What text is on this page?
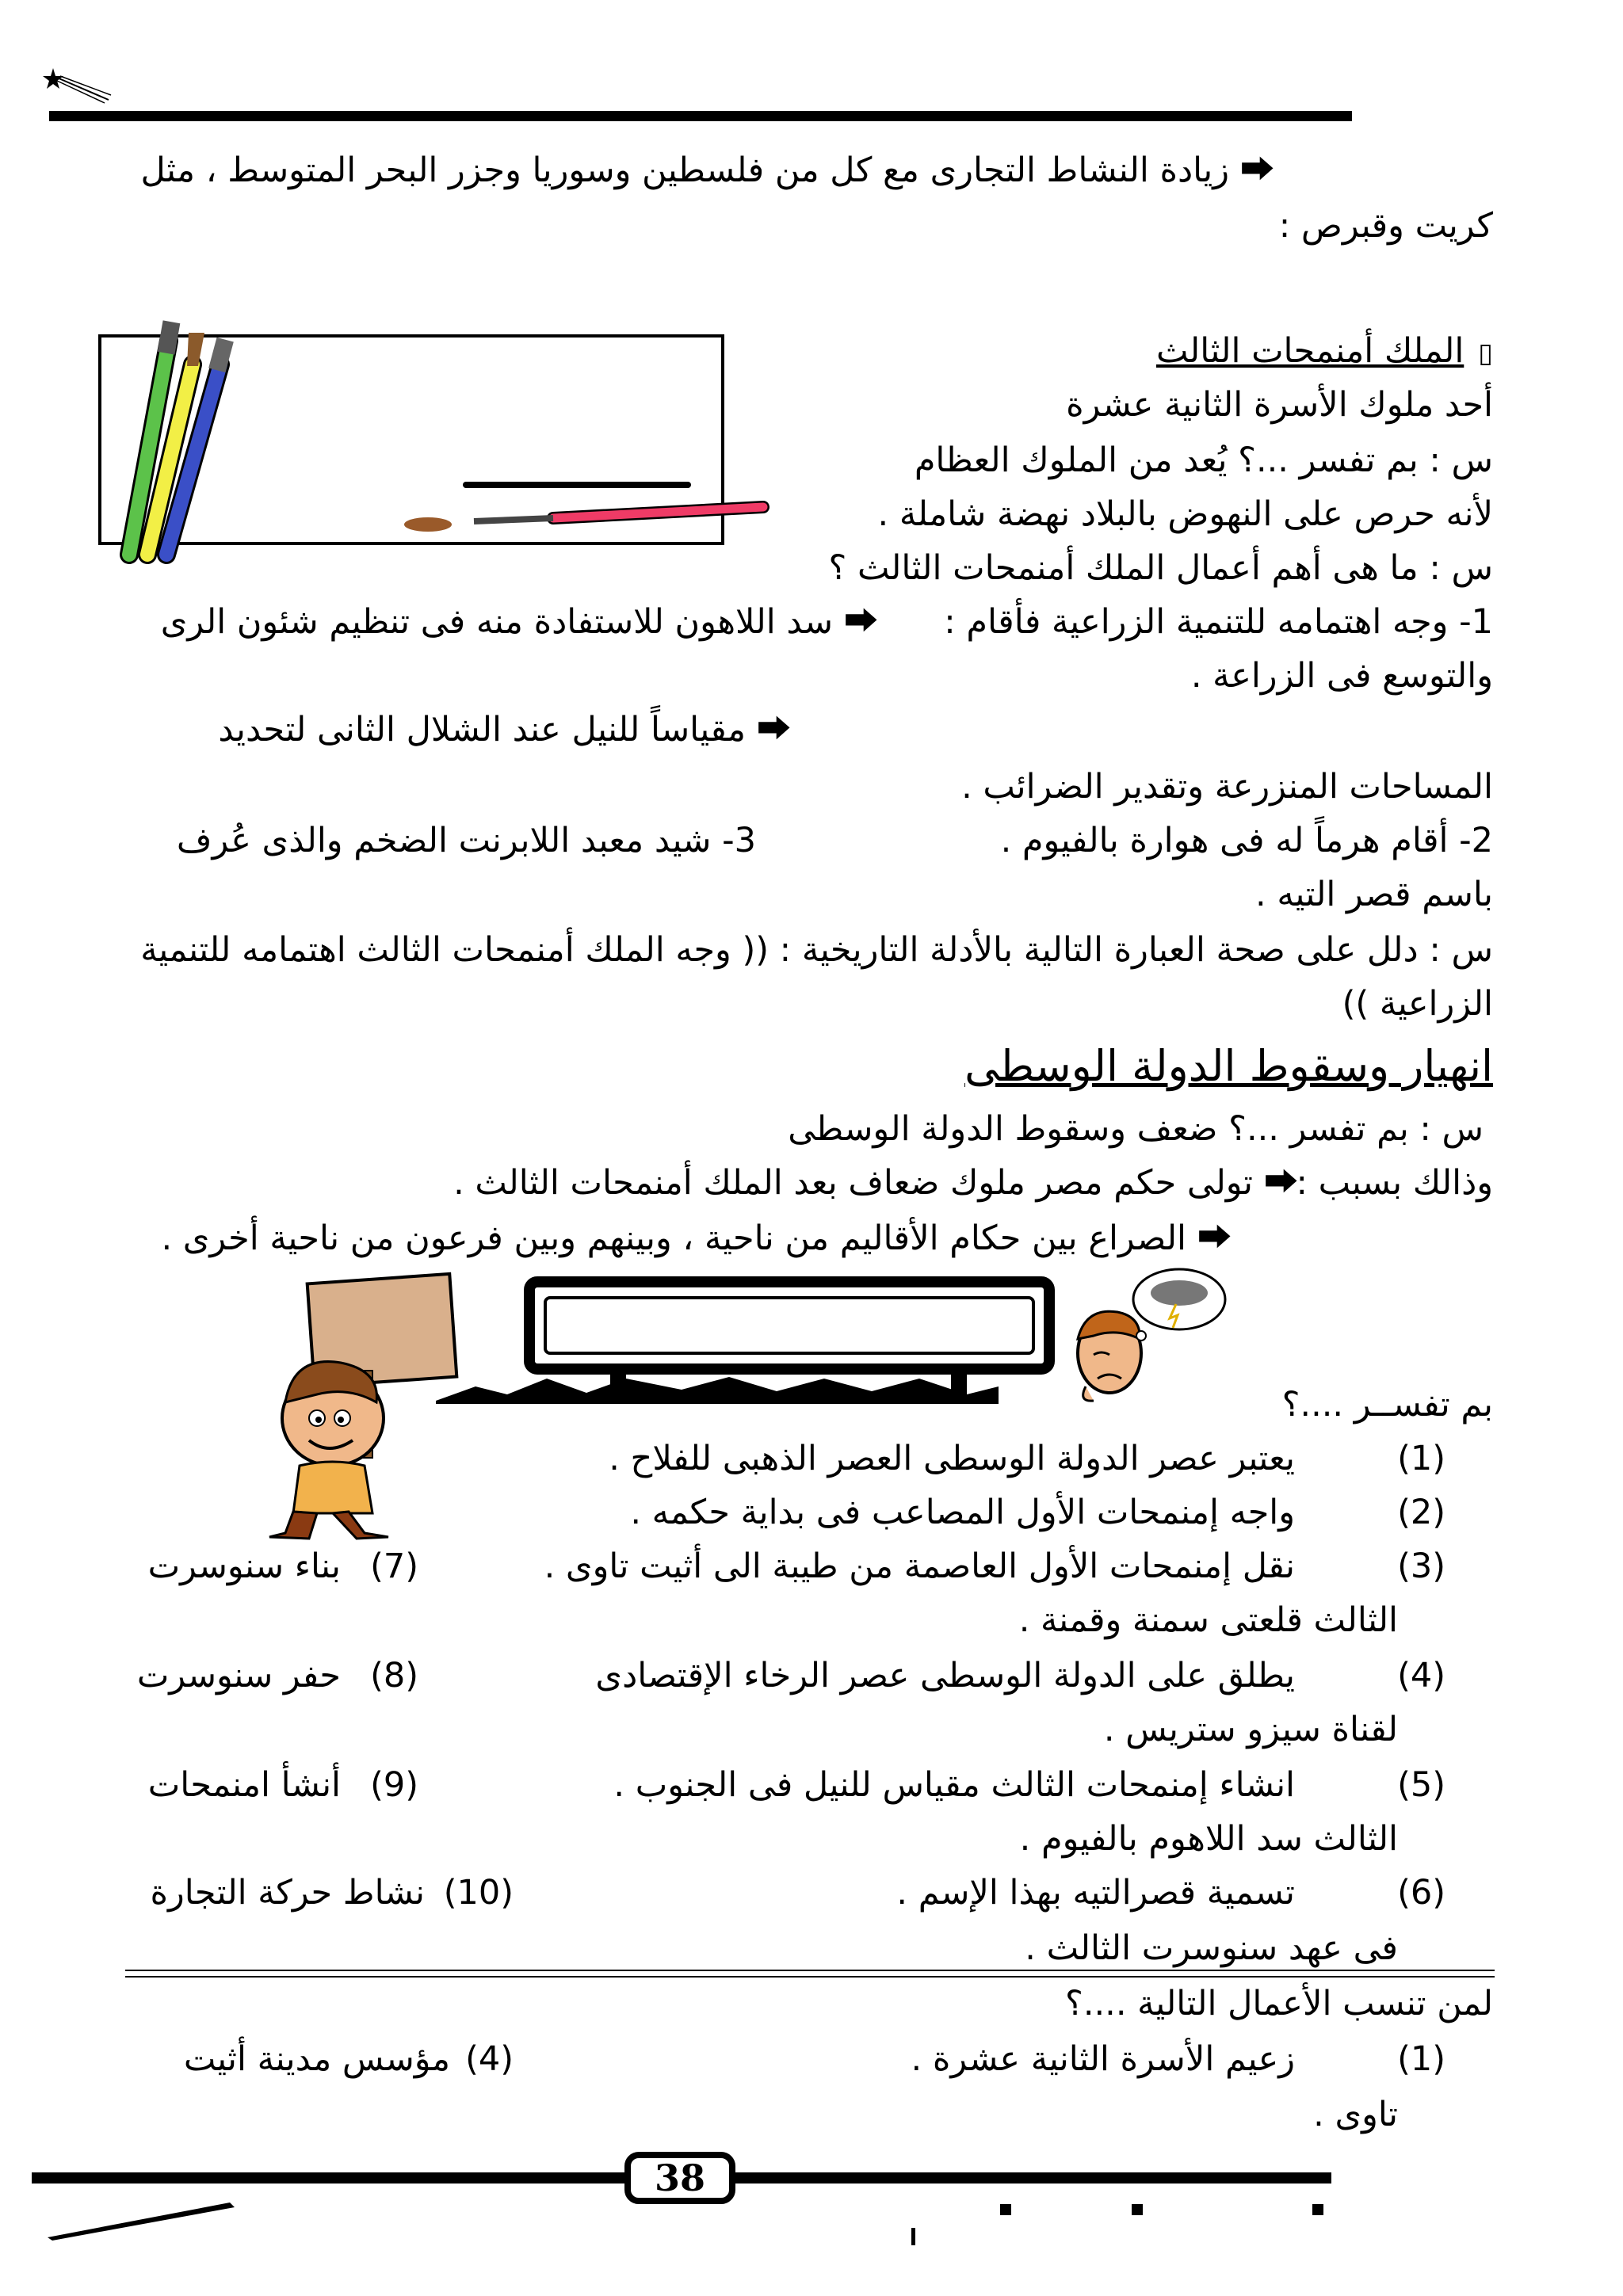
⮕زيادة النشاط التجارى مع كل من فلسطين وسوريا وجزر البحر المتوسط ، مثل
كريت وقبرص :
▯الملك أمنمحات الثالث
أحد ملوك الأسرة الثانية عشرة
س : بم تفسر ...؟ يُعد من الملوك العظام
لأنه حرص على النهوض بالبلاد نهضة شاملة .
س : ما هى أهم أعمال الملك أمنمحات الثالث ؟
1- وجه اهتمامه للتنمية الزراعية فأقام :
⮕سد اللاهون للاستفادة منه فى تنظيم شئون الرى
والتوسع فى الزراعة .
⮕مقياساً للنيل عند الشلال الثانى لتحديد
المساحات المنزرعة وتقدير الضرائب .
2- أقام هرماً له فى هوارة بالفيوم .
3- شيد معبد اللابرنت الضخم والذى عُرف
باسم قصر التيه .
س : دلل على صحة العبارة التالية بالأدلة التاريخية : (( وجه الملك أمنمحات الثالث اهتمامه للتنمية
الزراعية ))
انهيار وسقوط الدولة الوسطى
س : بم تفسر ...؟ ضعف وسقوط الدولة الوسطى
وذالك بسبب :
⮕تولى حكم مصر ملوك ضعاف بعد الملك أمنمحات الثالث .
⮕الصراع بين حكام الأقاليم من ناحية ، وبينهم وبين فرعون من ناحية أخرى .
بم تفســر ....؟
(1)
يعتبر عصر الدولة الوسطى العصر الذهبى للفلاح .
(2)
واجه إمنمحات الأول المصاعب فى بداية حكمه .
(3)
نقل إمنمحات الأول العاصمة من طيبة الى أثيت تاوى .
(7)
بناء سنوسرت
الثالث قلعتى سمنة وقمنة .
(4)
يطلق على الدولة الوسطى عصر الرخاء الإقتصادى
(8)
حفر سنوسرت
لقناة سيزو ستريس .
(5)
انشاء إمنمحات الثالث مقياس للنيل فى الجنوب .
(9)
أنشأ امنمحات
الثالث سد اللاهوم بالفيوم .
(6)
تسمية قصرالتيه بهذا الإسم .
(10)
نشاط حركة التجارة
فى عهد سنوسرت الثالث .
لمن تنسب الأعمال التالية ....؟
(1)
زعيم الأسرة الثانية عشرة .
(4)
مؤسس مدينة أثيت
تاوى .
38
